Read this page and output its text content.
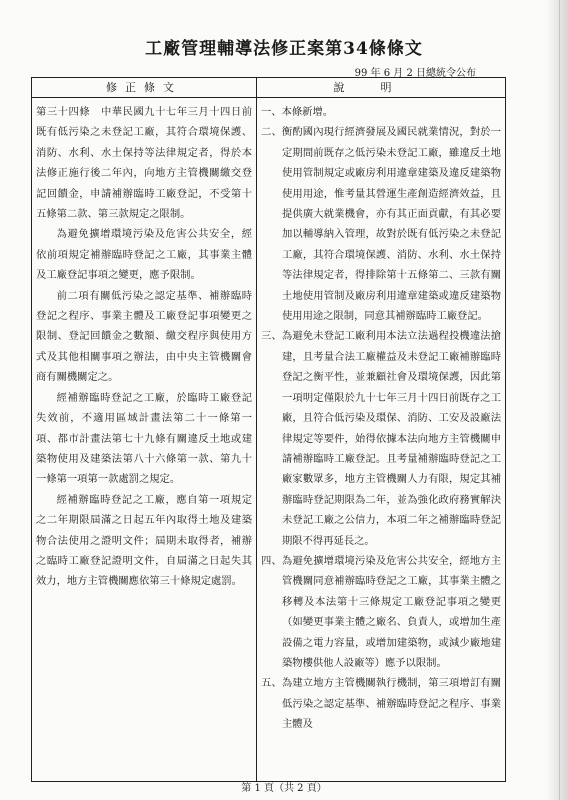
工廠管理輔導法修正案第34條條文
99 年 6 月 2 日總統令公布
修正條文	說明

第三十四條　中華民國九十七年三月十四日前既有低污染之未登記工廠，其符合環境保護、消防、水利、水土保持等法律規定者，得於本法修正施行後二年內，向地方主管機關繳交登記回饋金，申請補辦臨時工廠登記，不受第十五條第二款、第三款規定之限制。

為避免擴增環境污染及危害公共安全，經依前項規定補辦臨時登記之工廠，其事業主體及工廠登記事項之變更，應予限制。

前二項有關低污染之認定基準、補辦臨時登記之程序、事業主體及工廠登記事項變更之限制、登記回饋金之數額、繳交程序與使用方式及其他相關事項之辦法，由中央主管機關會商有關機關定之。

經補辦臨時登記之工廠，於臨時工廠登記失效前，不適用區域計畫法第二十一條第一項、都市計畫法第七十九條有關違反土地或建築物使用及建築法第八十六條第一款、第九十一條第一項第一款處罰之規定。

經補辦臨時登記之工廠，應自第一項規定之二年期限屆滿之日起五年內取得土地及建築物合法使用之證明文件；屆期未取得者，補辦之臨時工廠登記證明文件，自屆滿之日起失其效力，地方主管機關應依第三十條規定處罰。

一、本條新增。

二、衡酌國內現行經濟發展及國民就業情況，對於一定期間前既存之低污染未登記工廠，雖違反土地使用管制規定或廠房利用違章建築及違反建築物使用用途，惟考量其營運生產創造經濟效益，且提供廣大就業機會，亦有其正面貢獻，有其必要加以輔導納入管理，故對於既有低污染之未登記工廠，其符合環境保護、消防、水利、水土保持等法律規定者，得排除第十五條第二、三款有關土地使用管制及廠房利用違章建築或違反建築物使用用途之限制，同意其補辦臨時工廠登記。

三、為避免未登記工廠利用本法立法過程投機違法搶建，且考量合法工廠權益及未登記工廠補辦臨時登記之衡平性，並兼顧社會及環境保護，因此第一項明定僅限於九十七年三月十四日前既存之工廠，且符合低污染及環保、消防、工安及設廠法律規定等要件，始得依據本法向地方主管機關申請補辦臨時工廠登記。且考量補辦臨時登記之工廠家數眾多，地方主管機關人力有限，規定其補辦臨時登記期限為二年，並為強化政府務實解決未登記工廠之公信力，本項二年之補辦臨時登記期限不得再延長之。

四、為避免擴增環境污染及危害公共安全，經地方主管機關同意補辦臨時登記之工廠，其事業主體之移轉及本法第十三條規定工廠登記事項之變更（如變更事業主體之廠名、負責人，或增加生產設備之電力容量，或增加建築物，或減少廠地建築物樓供他人設廠等）應予以限制。

五、為建立地方主管機關執行機制，第三項增訂有關低污染之認定基準、補辦臨時登記之程序、事業主體及

第 1 頁（共 2 頁）
